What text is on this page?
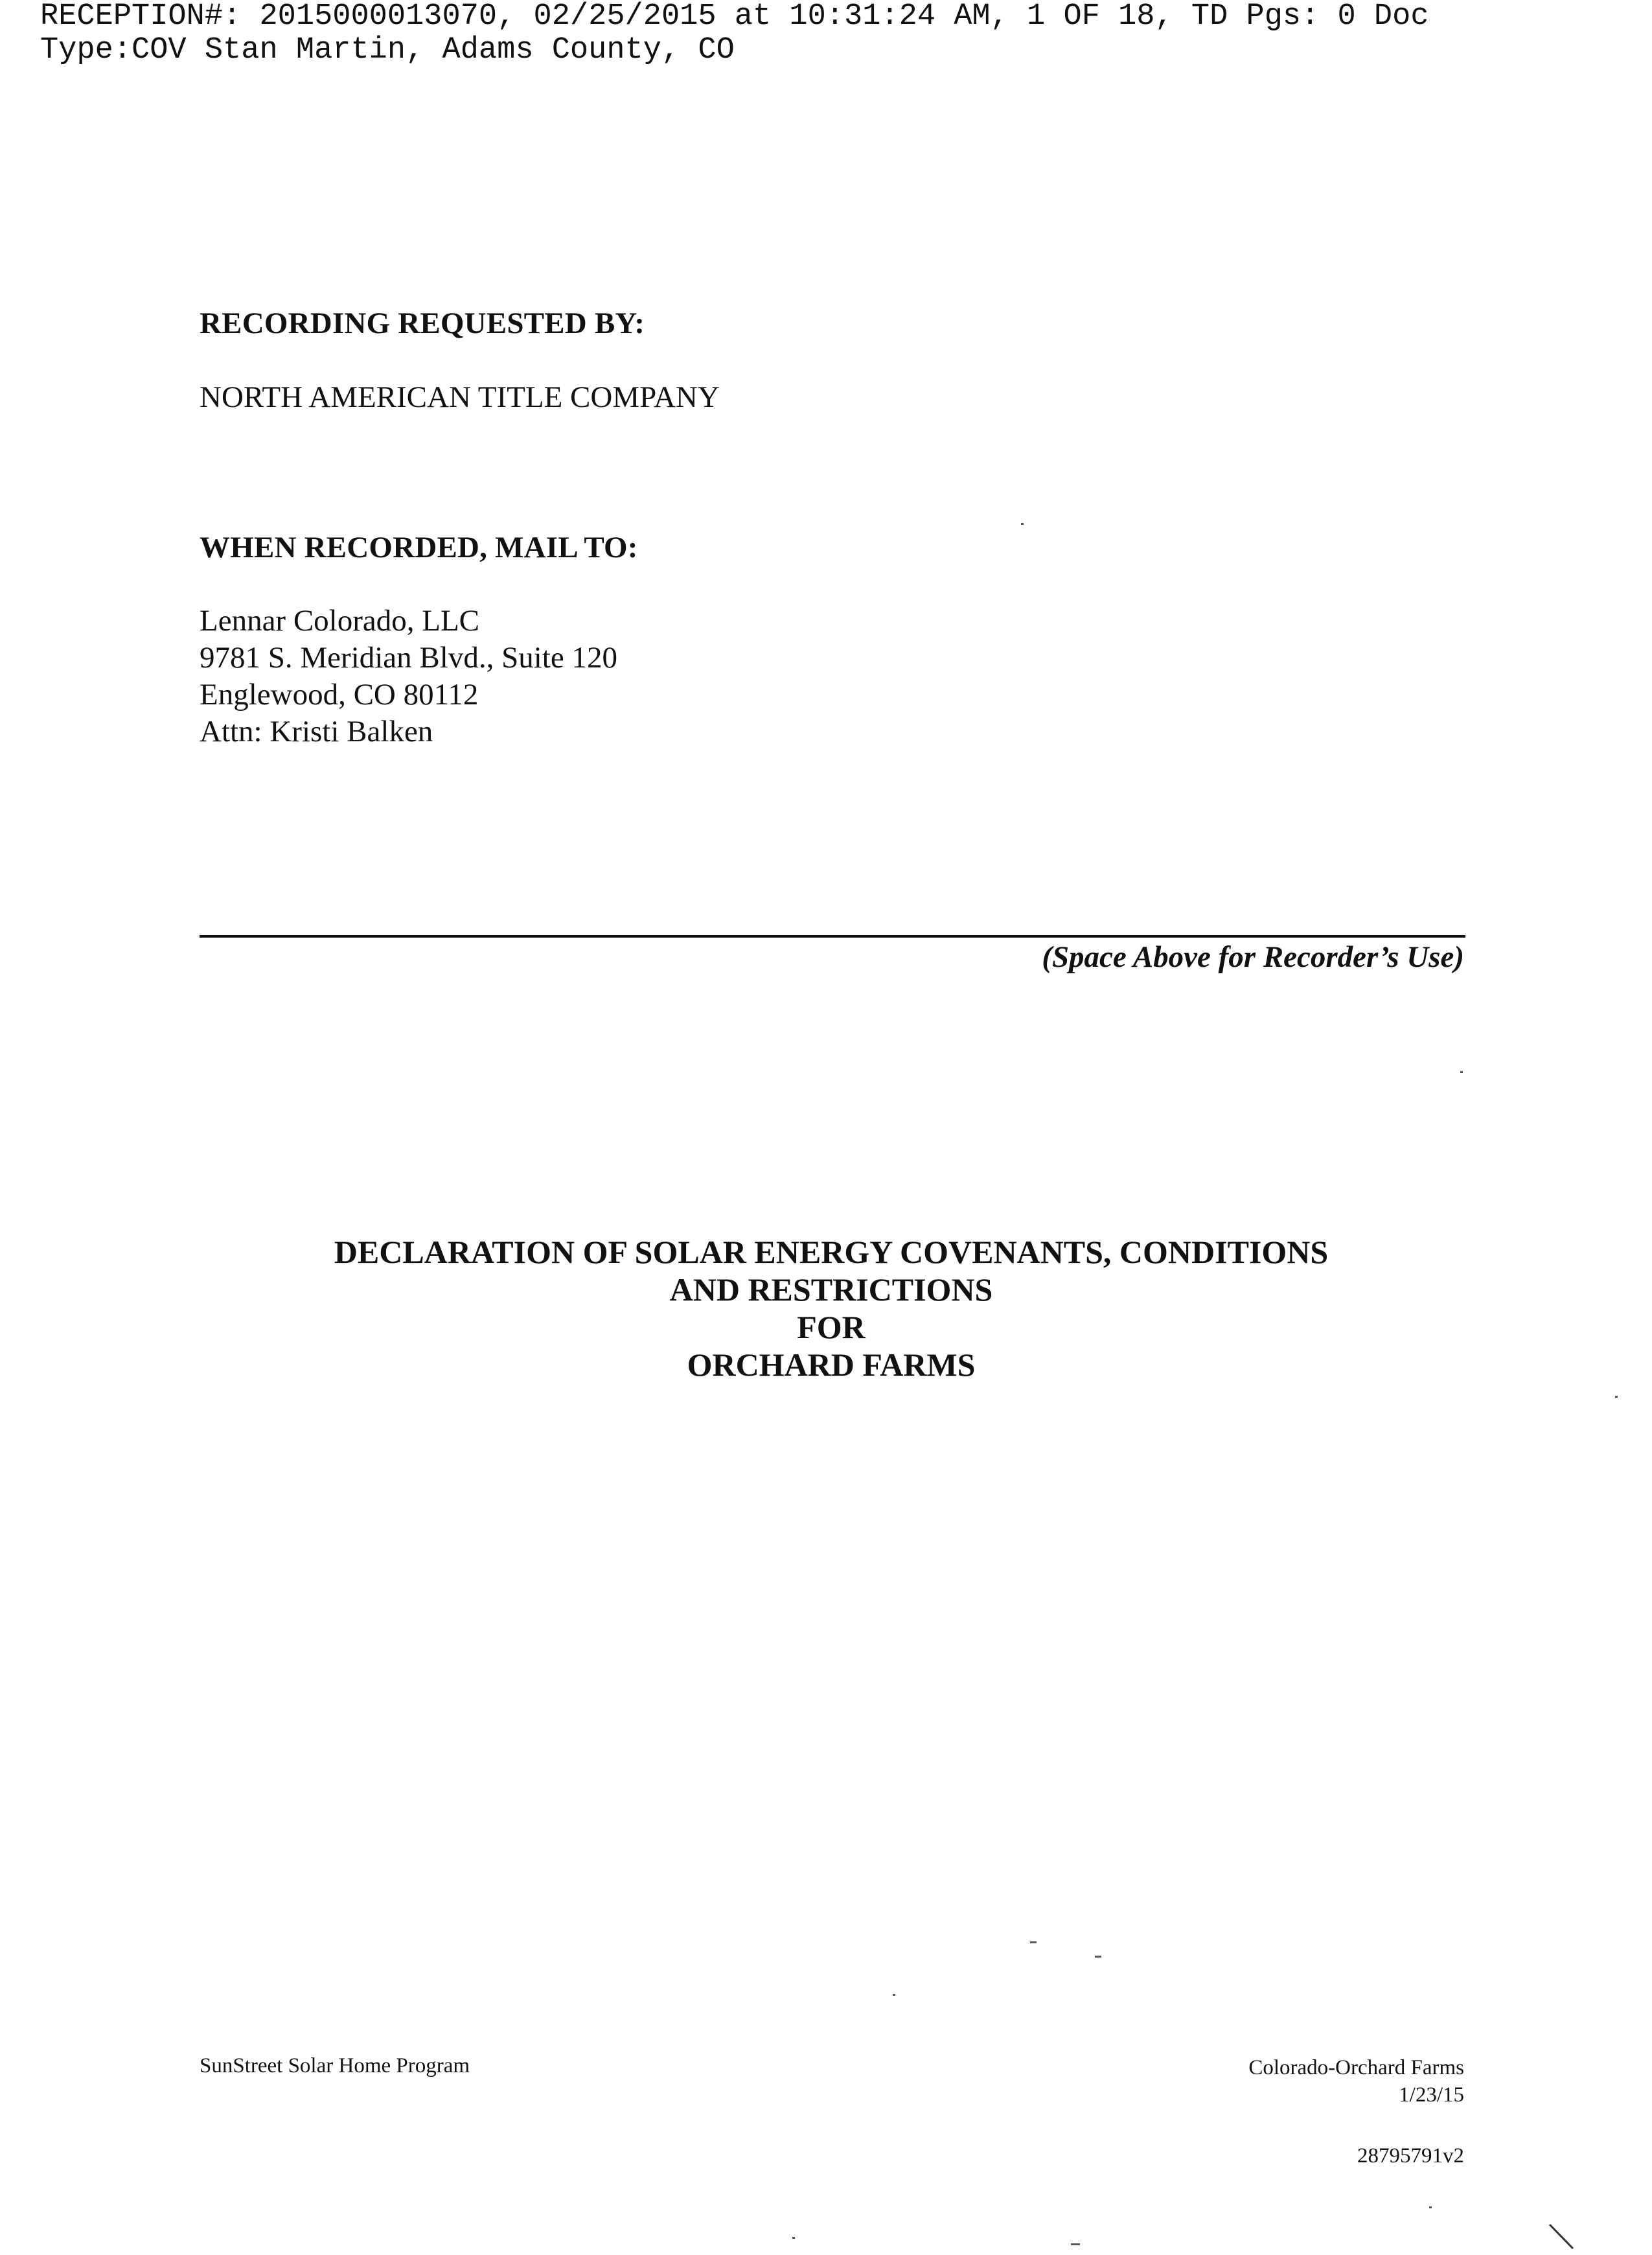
RECEPTION#: 2015000013070, 02/25/2015 at 10:31:24 AM, 1 OF 18, TD Pgs: 0 Doc
Type:COV Stan Martin, Adams County, CO
RECORDING REQUESTED BY:
NORTH AMERICAN TITLE COMPANY
WHEN RECORDED, MAIL TO:
Lennar Colorado, LLC
9781 S. Meridian Blvd., Suite 120
Englewood, CO 80112
Attn: Kristi Balken
(Space Above for Recorder’s Use)
DECLARATION OF SOLAR ENERGY COVENANTS, CONDITIONS
AND RESTRICTIONS
FOR
ORCHARD FARMS
SunStreet Solar Home Program	Colorado-Orchard Farms
1/23/15
28795791v2
